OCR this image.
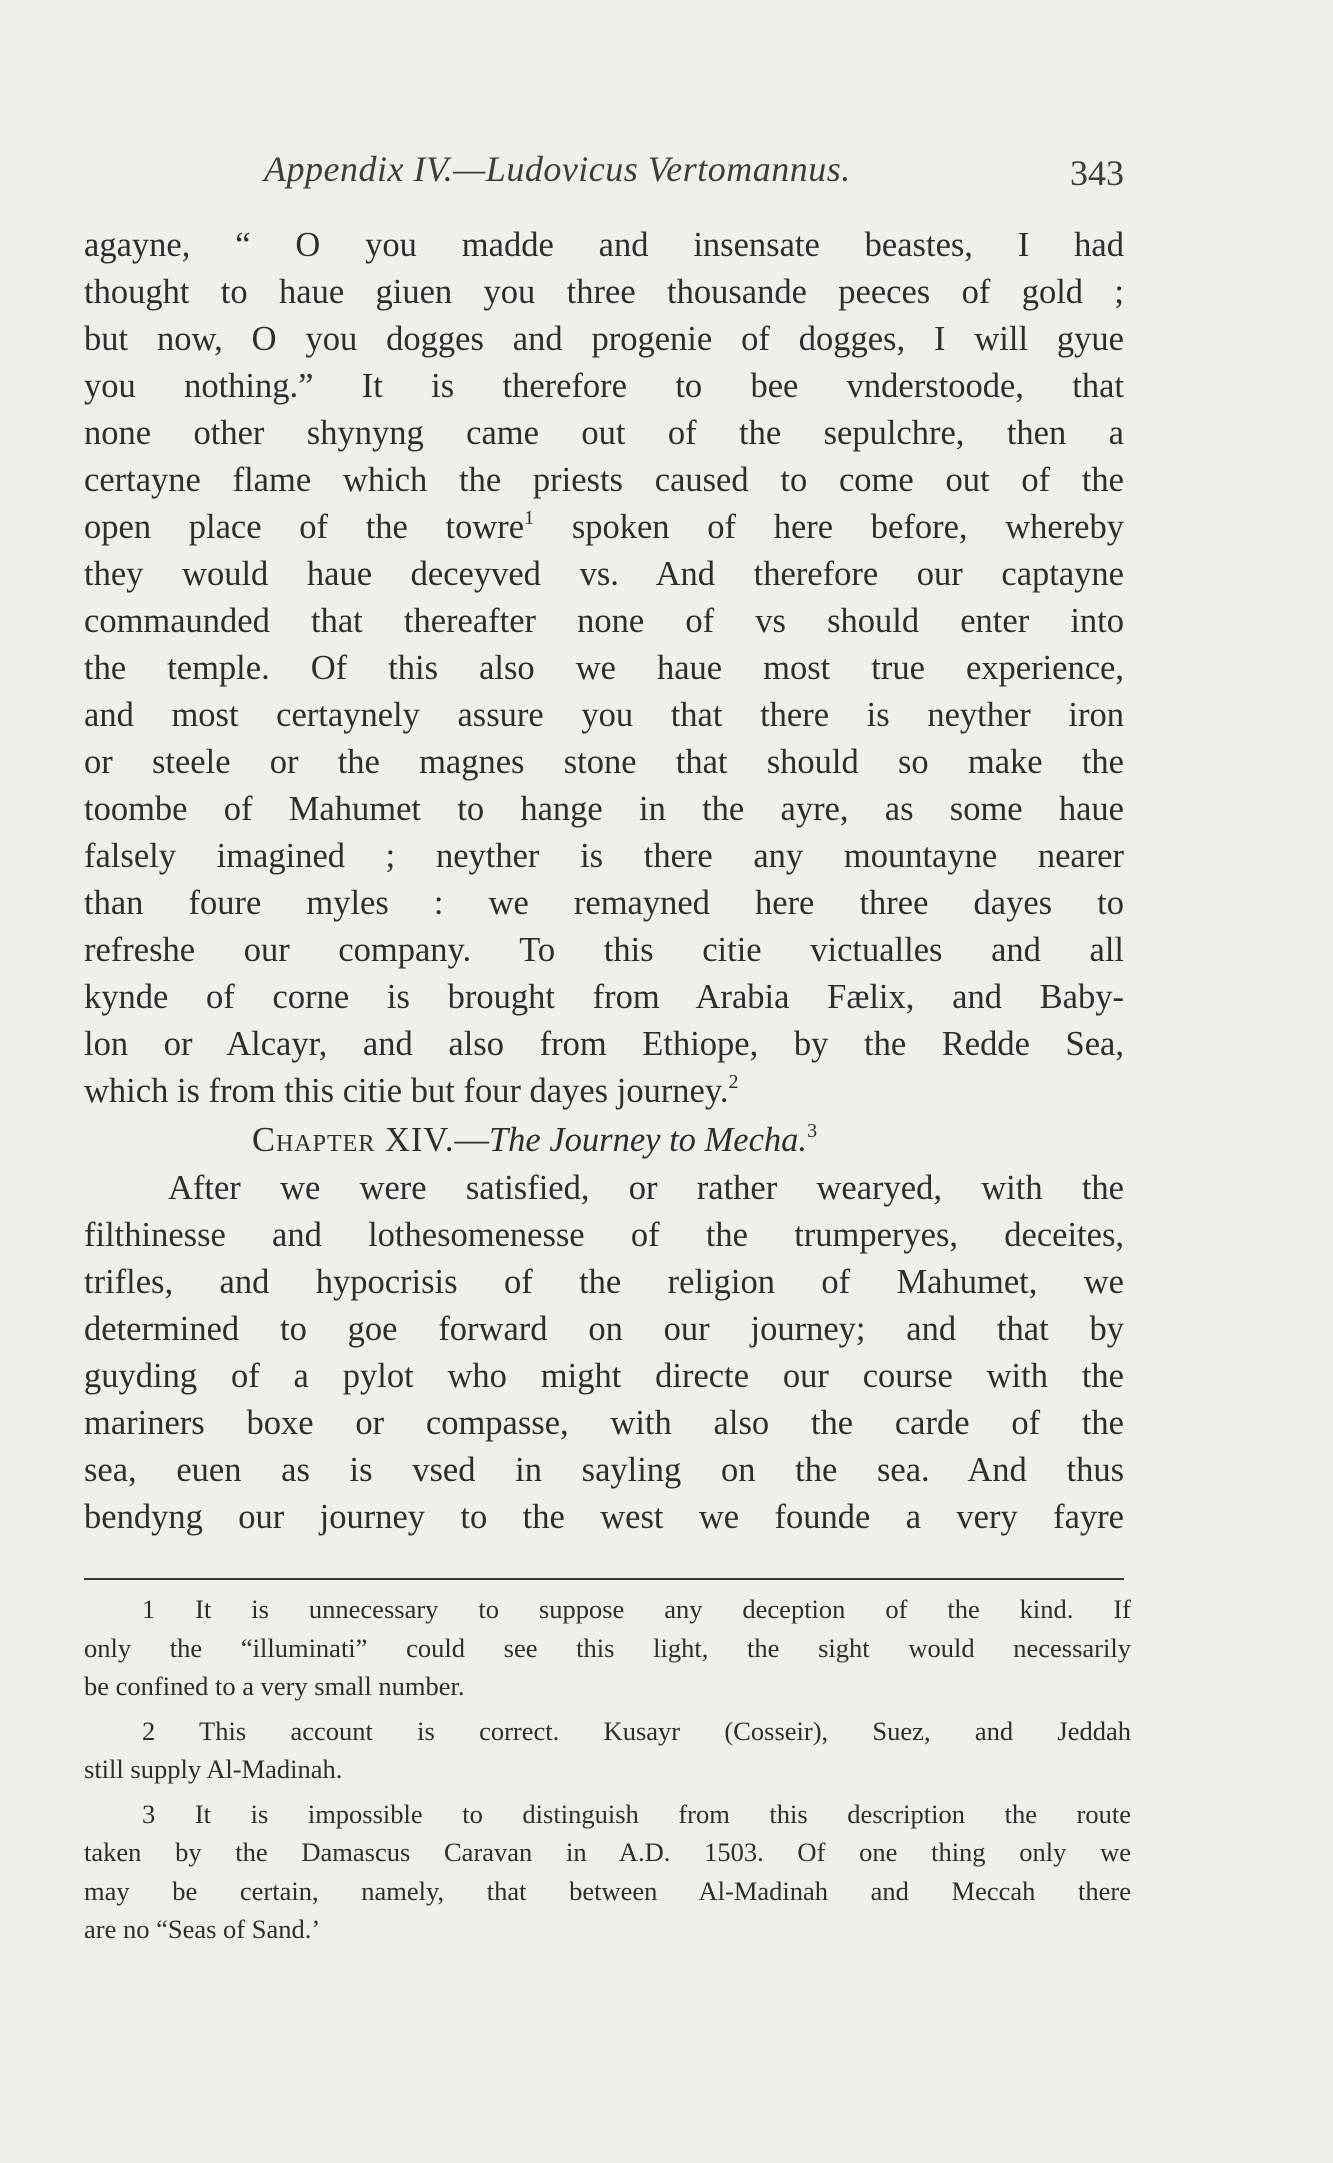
Appendix IV.—Ludovicus Vertomannus.	343
agayne, “ O you madde and insensate beastes, I had
thought to haue giuen you three thousande peeces of gold ;
but now, O you dogges and progenie of dogges, I will gyue
you nothing.” It is therefore to bee vnderstoode, that
none other shynyng came out of the sepulchre, then a
certayne flame which the priests caused to come out of the
open place of the towre$^1$ spoken of here before, whereby
they would haue deceyved vs. And therefore our captayne
commaunded that thereafter none of vs should enter into
the temple. Of this also we haue most true experience,
and most certaynely assure you that there is neyther iron
or steele or the magnes stone that should so make the
toombe of Mahumet to hange in the ayre, as some haue
falsely imagined ; neyther is there any mountayne nearer
than foure myles : we remayned here three dayes to
refreshe our company. To this citie victualles and all
kynde of corne is brought from Arabia Fælix, and Baby-
lon or Alcayr, and also from Ethiope, by the Redde Sea,
which is from this citie but four dayes journey.$^2$
Chapter XIV.—The Journey to Mecha.$^3$
After we were satisfied, or rather wearyed, with the
filthinesse and lothesomenesse of the trumperyes, deceites,
trifles, and hypocrisis of the religion of Mahumet, we
determined to goe forward on our journey; and that by
guyding of a pylot who might directe our course with the
mariners boxe or compasse, with also the carde of the
sea, euen as is vsed in sayling on the sea. And thus
bendyng our journey to the west we founde a very fayre
1 It is unnecessary to suppose any deception of the kind. If
only the “illuminati” could see this light, the sight would necessarily
be confined to a very small number.
2 This account is correct. Kusayr (Cosseir), Suez, and Jeddah
still supply Al-Madinah.
3 It is impossible to distinguish from this description the route
taken by the Damascus Caravan in A.D. 1503. Of one thing only we
may be certain, namely, that between Al-Madinah and Meccah there
are no “Seas of Sand.’
